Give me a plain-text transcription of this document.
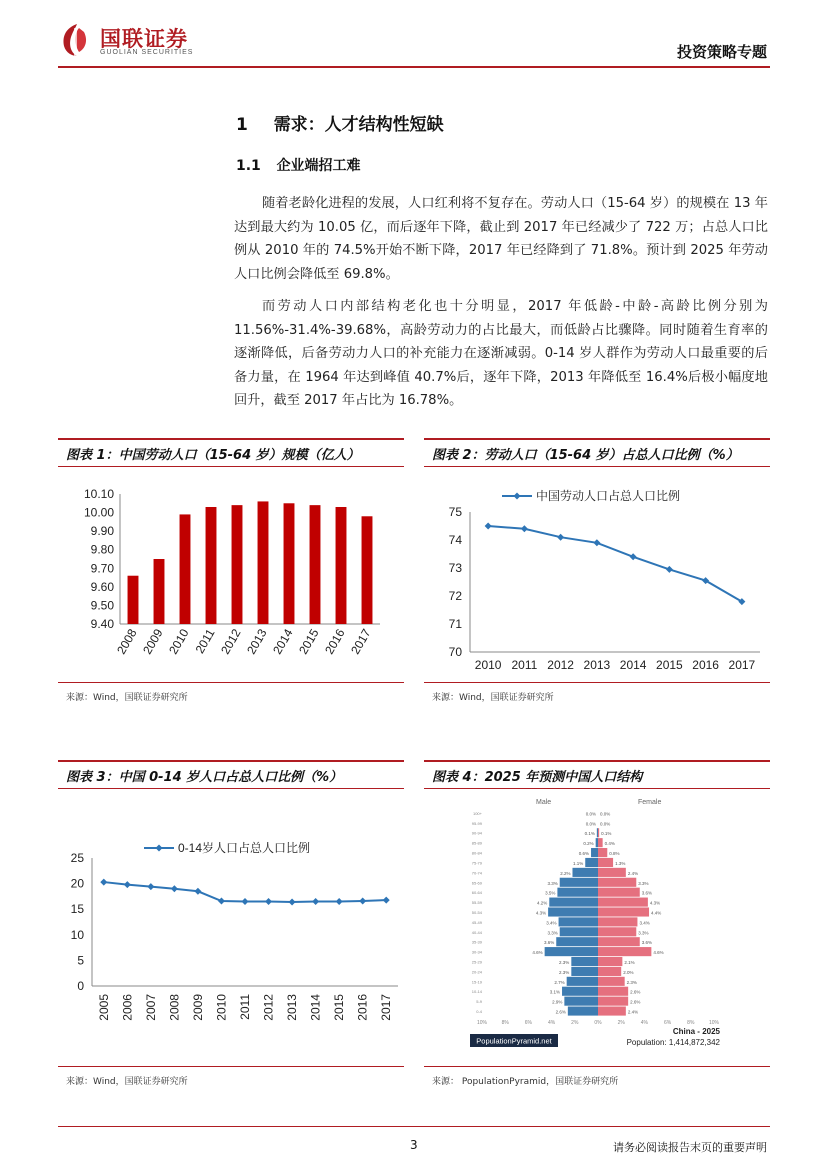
国联证券
GUOLIAN SECURITIES	投资策略专题
1 需求：人才结构性短缺
1.1 企业端招工难

随着老龄化进程的发展，人口红利将不复存在。劳动人口（15-64 岁）的规模在 13 年达到最大约为 10.05 亿，而后逐年下降，截止到 2017 年已经减少了 722 万；占总人口比例从 2010 年的 74.5%开始不断下降，2017 年已经降到了 71.8%。预计到 2025 年劳动人口比例会降低至 69.8%。

而劳动人口内部结构老化也十分明显，2017 年低龄-中龄-高龄比例分别为 11.56%-31.4%-39.68%，高龄劳动力的占比最大，而低龄占比骤降。同时随着生育率的逐渐降低，后备劳动力人口的补充能力在逐渐减弱。0-14 岁人群作为劳动人口最重要的后备力量，在 1964 年达到峰值 40.7%后，逐年下降，2013 年降低至 16.4%后极小幅度地回升，截至 2017 年占比为 16.78%。

图表 1：中国劳动人口（15-64 岁）规模（亿人）
9.40
9.50
9.60
9.70
9.80
9.90
10.00
10.10
2008 2009 2010 2011 2012 2013 2014 2015 2016 2017
来源：Wind，国联证券研究所
图表 2：劳动人口（15-64 岁）占总人口比例（%）
70
71
72
73
74
75
2010 2011 2012 2013 2014 2015 2016 2017
中国劳动人口占总人口比例
来源：Wind，国联证券研究所
图表 3：中国 0-14 岁人口占总人口比例（%）
0
5
10
15
20
25
2005 2006 2007 2008 2009 2010 2011 2012 2013 2014 2015 2016 2017
0-14岁人口占总人口比例
来源：Wind，国联证券研究所
图表 4：2025 年预测中国人口结构
Male	Female
100+	0.0% 0.0%
95-99	0.0% 0.0%
90-94	0.1% 0.1%
85-89	0.2% 0.4%
80-84	0.6%	0.8%
75-79	1.1%	1.3%
70-74	2.2%	2.4%
65-69	3.3%	3.3%
60-64	3.5%	3.6%
55-59	4.2%	4.3%
50-54	4.3%	4.4%
45-49	3.4%	3.4%
40-44	3.3%	3.3%
35-39	3.6%	3.6%
30-34	4.6%	4.6%
25-29	2.3%	2.1%
20-24	2.3%	2.0%
15-19	2.7%	2.3%
10-14	3.1%	2.6%
5-9	2.9%	2.6%
0-4	2.6%	2.4%
10%	8%	6%	4%	2%	0%	2%	4%	6%	8%	10%
PopulationPyramid.net
China - 2025
Population: 1,414,872,342
来源： PopulationPyramid，国联证券研究所
3	请务必阅读报告末页的重要声明
